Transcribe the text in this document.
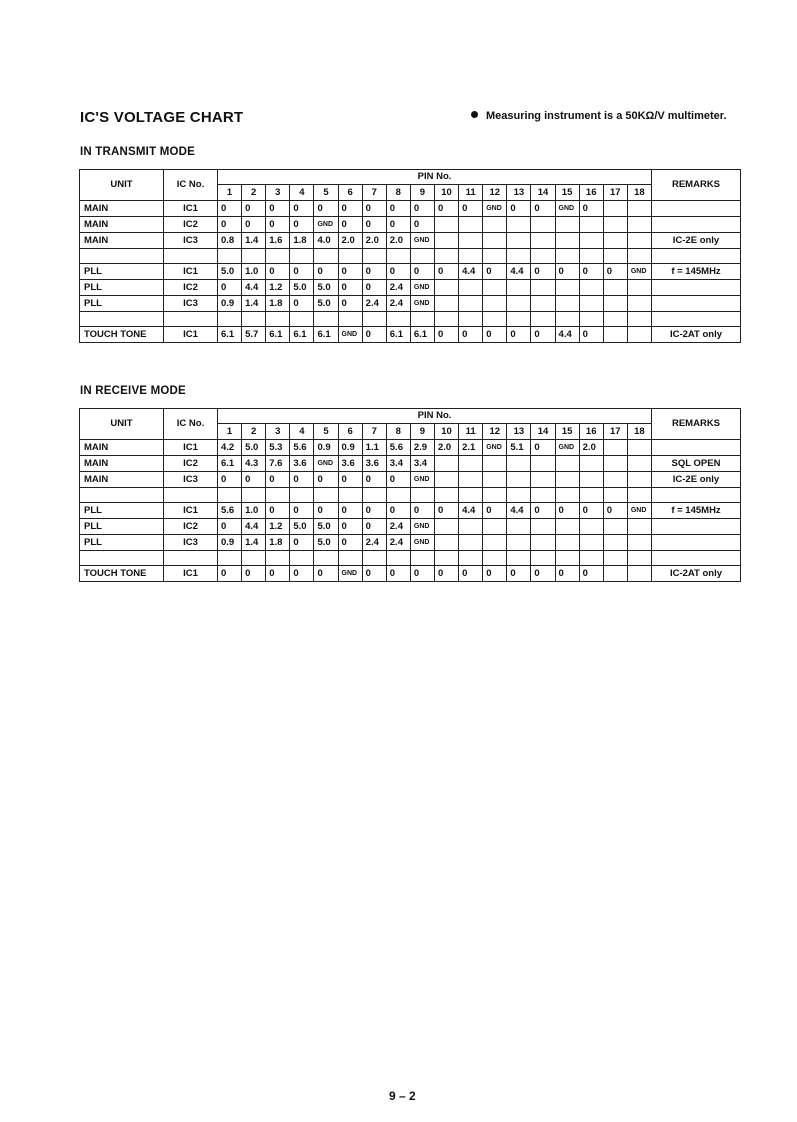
IC'S VOLTAGE CHART	Measuring instrument is a 50KΩ/V multimeter.
IN TRANSMIT MODE
UNIT	IC No.	PIN No.																		REMARKS
		1	2	3	4	5	6	7	8	9	10	11	12	13	14	15	16	17	18	
MAIN	IC1	0	0	0	0	0	0	0	0	0	0	0	GND	0	0	GND	0			
MAIN	IC2	0	0	0	0	GND	0	0	0	0										
MAIN	IC3	0.8	1.4	1.6	1.8	4.0	2.0	2.0	2.0	GND										IC-2E only

PLL	IC1	5.0	1.0	0	0	0	0	0	0	0	0	4.4	0	4.4	0	0	0	0	GND	f = 145MHz
PLL	IC2	0	4.4	1.2	5.0	5.0	0	0	2.4	GND										
PLL	IC3	0.9	1.4	1.8	0	5.0	0	2.4	2.4	GND										

TOUCH TONE	IC1	6.1	5.7	6.1	6.1	6.1	GND	0	6.1	6.1	0	0	0	0	0	4.4	0			IC-2AT only
IN RECEIVE MODE
UNIT	IC No.	PIN No.																		REMARKS
		1	2	3	4	5	6	7	8	9	10	11	12	13	14	15	16	17	18	
MAIN	IC1	4.2	5.0	5.3	5.6	0.9	0.9	1.1	5.6	2.9	2.0	2.1	GND	5.1	0	GND	2.0			
MAIN	IC2	6.1	4.3	7.6	3.6	GND	3.6	3.6	3.4	3.4										SQL OPEN
MAIN	IC3	0	0	0	0	0	0	0	0	GND										IC-2E only

PLL	IC1	5.6	1.0	0	0	0	0	0	0	0	0	4.4	0	4.4	0	0	0	0	GND	f = 145MHz
PLL	IC2	0	4.4	1.2	5.0	5.0	0	0	2.4	GND										
PLL	IC3	0.9	1.4	1.8	0	5.0	0	2.4	2.4	GND										

TOUCH TONE	IC1	0	0	0	0	0	GND	0	0	0	0	0	0	0	0	0	0			IC-2AT only
9 – 2
